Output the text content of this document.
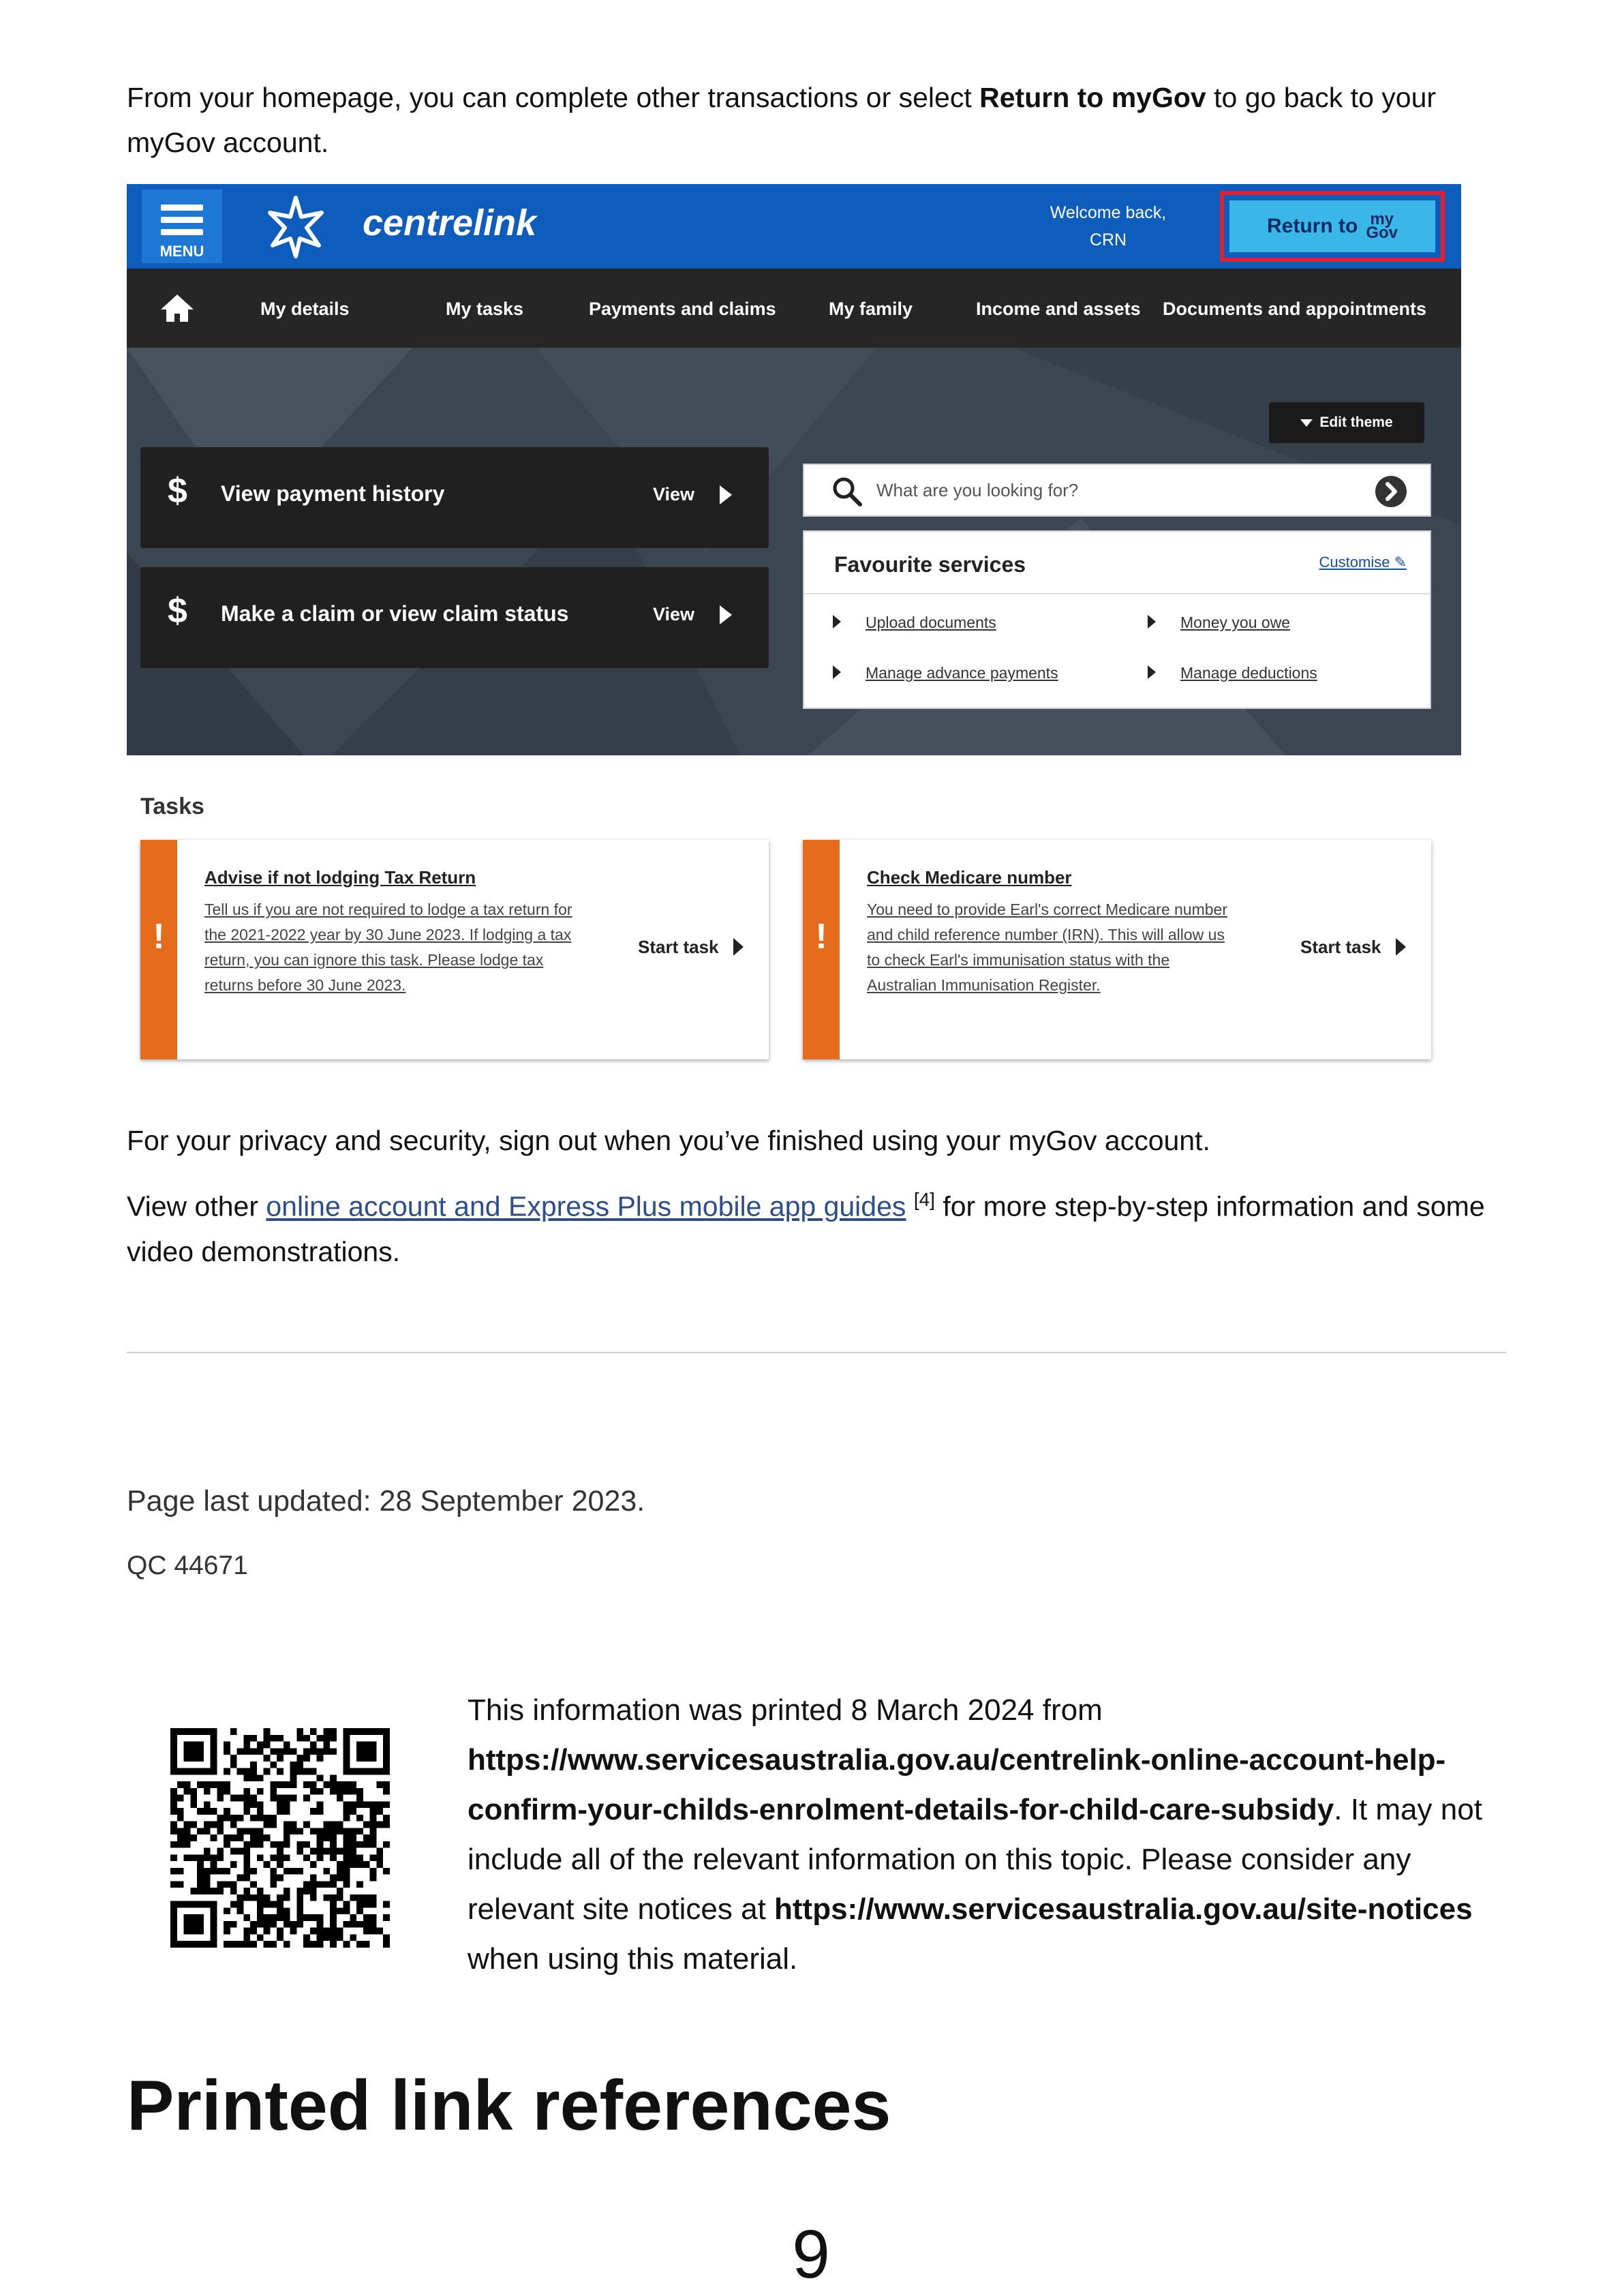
From your homepage, you can complete other transactions or select Return to myGov to go back to your myGov account.
MENU
centrelink	Welcome back,
CRN
Return to my
Gov
My details	My tasks	Payments and claims	My family	Income and assets Documents and appointments
$ View payment history	View
$ Make a claim or view claim status	View
Edit theme
What are you looking for?
Favourite services	Customise ✎
Upload documents	Money you owe
Manage advance payments	Manage deductions
Tasks
!
Advise if not lodging Tax Return
Tell us if you are not required to lodge a tax return for the 2021-2022 year by 30 June 2023. If lodging a tax return, you can ignore this task. Please lodge tax returns before 30 June 2023.
Start task	!
Check Medicare number
You need to provide Earl's correct Medicare number and child reference number (IRN). This will allow us to check Earl's immunisation status with the Australian Immunisation Register.
Start task
For your privacy and security, sign out when you’ve finished using your myGov account.
View other online account and Express Plus mobile app guides [4] for more step-by-step information and some video demonstrations.
Page last updated: 28 September 2023.
QC 44671
This information was printed 8 March 2024 from https://www.servicesaustralia.gov.au/centrelink-online-account-help-confirm-your-childs-enrolment-details-for-child-care-subsidy. It may not include all of the relevant information on this topic. Please consider any relevant site notices at https://www.servicesaustralia.gov.au/site-notices when using this material.
Printed link references
9
